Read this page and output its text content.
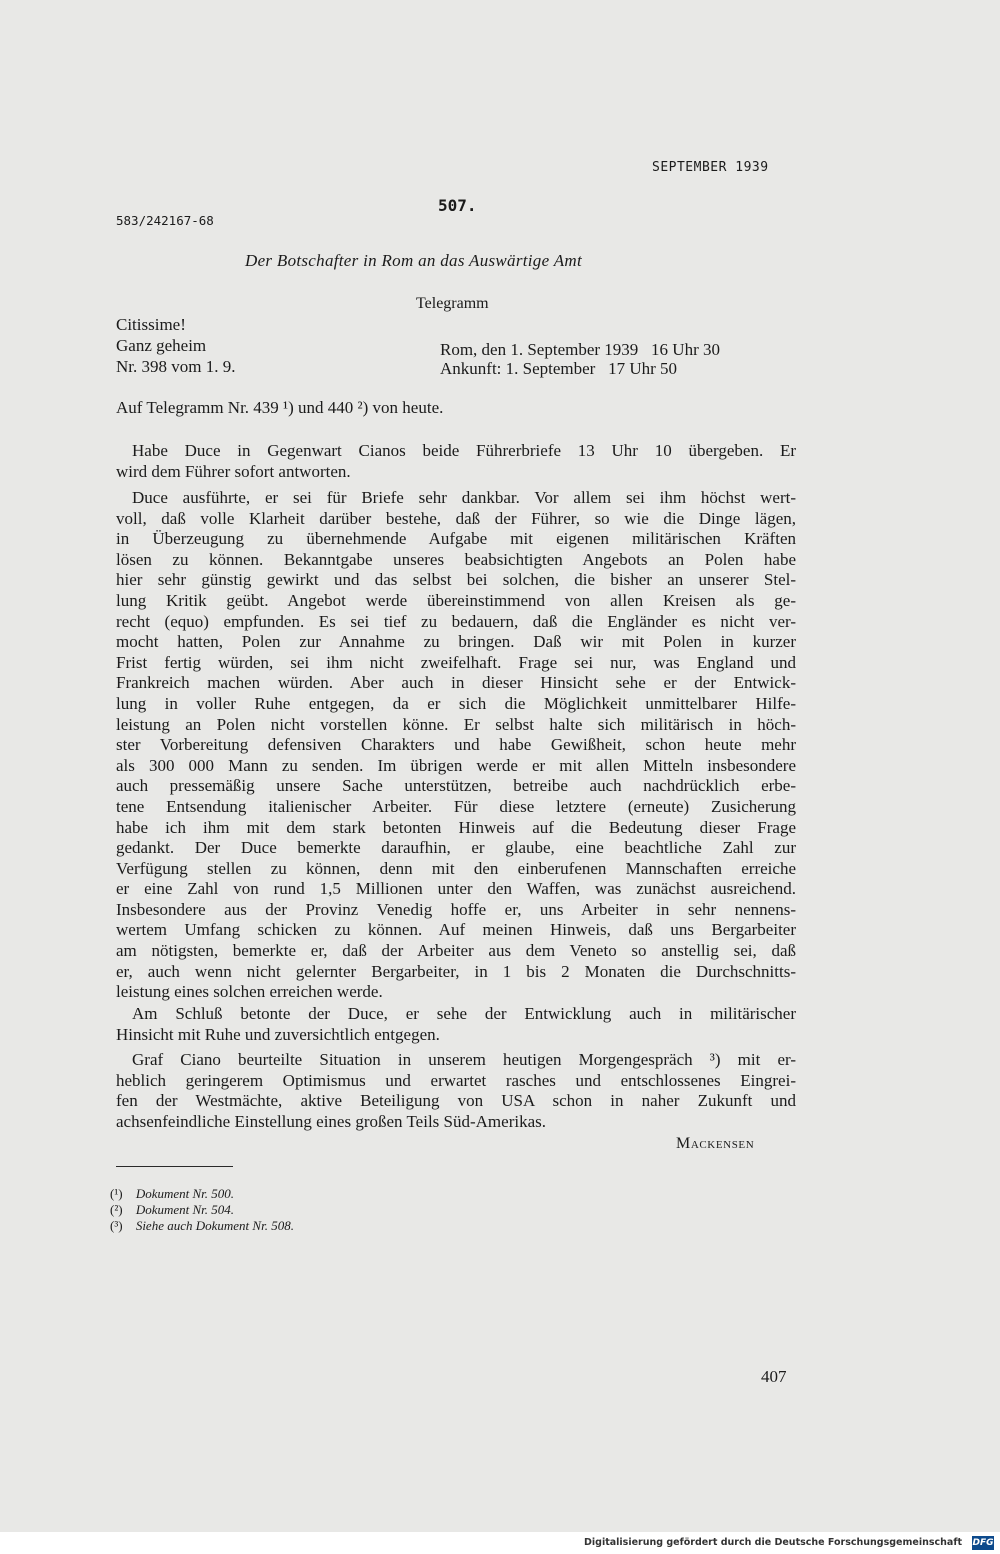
SEPTEMBER 1939
507.
583/242167-68
Der Botschafter in Rom an das Auswärtige Amt
Telegramm
Citissime!
Ganz geheim
Nr. 398 vom 1. 9.
Rom, den 1. September 1939   16 Uhr 30
Ankunft: 1. September   17 Uhr 50
Auf Telegramm Nr. 439 ¹) und 440 ²) von heute.
Habe Duce in Gegenwart Cianos beide Führerbriefe 13 Uhr 10 übergeben. Er
wird dem Führer sofort antworten.
Duce ausführte, er sei für Briefe sehr dankbar. Vor allem sei ihm höchst wert-
voll, daß volle Klarheit darüber bestehe, daß der Führer, so wie die Dinge lägen,
in Überzeugung zu übernehmende Aufgabe mit eigenen militärischen Kräften
lösen zu können. Bekanntgabe unseres beabsichtigten Angebots an Polen habe
hier sehr günstig gewirkt und das selbst bei solchen, die bisher an unserer Stel-
lung Kritik geübt. Angebot werde übereinstimmend von allen Kreisen als ge-
recht (equo) empfunden. Es sei tief zu bedauern, daß die Engländer es nicht ver-
mocht hatten, Polen zur Annahme zu bringen. Daß wir mit Polen in kurzer
Frist fertig würden, sei ihm nicht zweifelhaft. Frage sei nur, was England und
Frankreich machen würden. Aber auch in dieser Hinsicht sehe er der Entwick-
lung in voller Ruhe entgegen, da er sich die Möglichkeit unmittelbarer Hilfe-
leistung an Polen nicht vorstellen könne. Er selbst halte sich militärisch in höch-
ster Vorbereitung defensiven Charakters und habe Gewißheit, schon heute mehr
als 300 000 Mann zu senden. Im übrigen werde er mit allen Mitteln insbesondere
auch pressemäßig unsere Sache unterstützen, betreibe auch nachdrücklich erbe-
tene Entsendung italienischer Arbeiter. Für diese letztere (erneute) Zusicherung
habe ich ihm mit dem stark betonten Hinweis auf die Bedeutung dieser Frage
gedankt. Der Duce bemerkte daraufhin, er glaube, eine beachtliche Zahl zur
Verfügung stellen zu können, denn mit den einberufenen Mannschaften erreiche
er eine Zahl von rund 1,5 Millionen unter den Waffen, was zunächst ausreichend.
Insbesondere aus der Provinz Venedig hoffe er, uns Arbeiter in sehr nennens-
wertem Umfang schicken zu können. Auf meinen Hinweis, daß uns Bergarbeiter
am nötigsten, bemerkte er, daß der Arbeiter aus dem Veneto so anstellig sei, daß
er, auch wenn nicht gelernter Bergarbeiter, in 1 bis 2 Monaten die Durchschnitts-
leistung eines solchen erreichen werde.
Am Schluß betonte der Duce, er sehe der Entwicklung auch in militärischer
Hinsicht mit Ruhe und zuversichtlich entgegen.
Graf Ciano beurteilte Situation in unserem heutigen Morgengespräch ³) mit er-
heblich geringerem Optimismus und erwartet rasches und entschlossenes Eingrei-
fen der Westmächte, aktive Beteiligung von USA schon in naher Zukunft und
achsenfeindliche Einstellung eines großen Teils Süd-Amerikas.
Mackensen
(¹) Dokument Nr. 500.
(²) Dokument Nr. 504.
(³) Siehe auch Dokument Nr. 508.
407
Digitalisierung gefördert durch die Deutsche Forschungsgemeinschaft DFG
